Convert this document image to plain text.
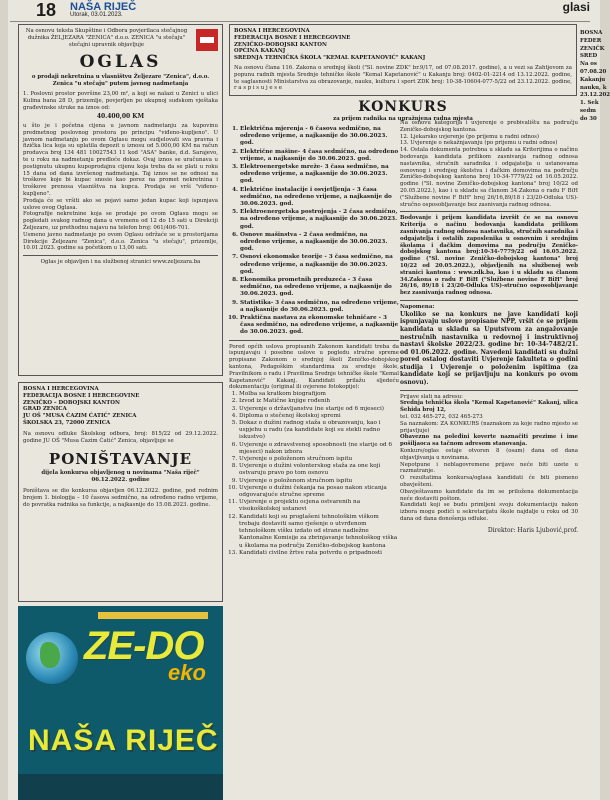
18 NAŠA RIJEČ
Utorak, 03.01.2023.
glasi

Na osnovu teksta Skupštine i Odbora povjerilaca stečajnog dužnika ŽELJEZARA "ZENICA" d.o.o. ZENICA "u stečaju" stečajni upravnik objavljuje

OGLAS

o prodaji nekretnina u vlasništvu Željezare "Zenica", d.o.o. Zenica "u stečaju" putem javnog nadmetanja

1. Poslovni prostor površine 23,00 m², a koji se nalazi u Zenici u ulici Kulina bana 28 D, prizemlje, povjerljen po ukupnoj sudskom vještaka građevinske struke na iznos od:

40.400,00 KM

u što je i početna cijena u javnom nadmetanju za kupovinu predmetnog poslovnog prostora po principu "viđeno-kupljeno". U javnom nadmetanju po ovom Oglasu mogu sudjelovati sva pravna i fizička lica koja su uplatila depozit u iznosu od 5.000,00 KM na račun prodavca broj 134 481 10027543 11 kod "ASA" banke, d.d. Sarajevo, te u roku na nadmetanju predloće dokaz. Ovaj iznos se uračunava u postignutu ukupnu kupoprodajnu cijenu koja treba da se plati u roku 15 dana od dana izvršenog nadmetanja. Taj iznos se ne odnosi na troškove koje bi kupac snosio kao porez na promet nekretnina i troškove prenosa vlasništva na kupca. Prodaja se vrši "viđeno-kupljeno".

Prodaja će se vršiti ako se pojavi samo jedan kupac koji ispunjava uslove ovog Oglasa.

Fotografije nekretnine koja se prodaje po ovom Oglasu mogu se pogledati svakog radnog dana u vremenu od 12 do 15 sati u Direkciji Željezare, uz prethodnu najavu na telefon broj: 061/406-701.

Usmeno javno nadmetanje po ovom Oglasu održaće se u prostorijama Direkcije Željezare "Zenica", d.o.o. Zenica "u stečaju", prizemlje, 10.01.2023. godine sa početkom u 13,00 sati.

Oglas je objavljen i na službenoj stranici www.zeljezara.ba

BOSNA I HERCEGOVINA

FEDERACIJA BOSNE I HERCEGOVINE

ZENIČKO – DOBOJSKI KANTON

GRAD ZENICA

JU OŠ "MUSA ĆAZIM ĆATIĆ" ZENICA

ŠKOLSKA 23, 72000 ZENICA

Na osnovu odluke Školskog odbora, broj: 815/22 od 29.12.2022. godine JU OŠ "Musa Ćazim Ćatić" Zenica, objavljuje se

PONIŠTAVANJE

dijela konkursa objavljenog u novinama "Naša riječ" 06.12.2022. godine

Poništava se dio konkursa objavljen 06.12.2022. godine, pod rednim brojem 1. biologija – 10 časova sedmično, na određeno radno vrijeme, do povratka radnika sa funkcije, a najkasnije do 15.08.2023. godine.

ZE-DO
eko
NAŠA RIJEČ

BOSNA I HERCEGOVINA

FEDERACIJA BOSNE I HERCEGOVINE

ZENIČKO-DOBOJSKI KANTON

OPĆINA KAKANJ

SREDNJA TEHNIČKA ŠKOLA "KEMAL KAPETANOVIĆ" KAKANJ

Na osnovu člana 116. Zakona o srednjoj školi ("Sl. novine ZDK" br.9/17, od 07.08.2017. godine), a u vezi sa Zahtjevom za popunu radnih mjesta Srednje tehničke škole "Kemal Kapetanović" u Kakanju broj: 0402-01-2214 od 13.12.2022. godine, te saglasnosti Ministarstva za obrazovanje, nauku, kulturu i sport ZDK broj: 10-38-10604-077-5/22 od 23.12.2022. godine, r a s p i s u j e s e

KONKURS

za prijem radnika na upražnjena radna mjesta

1. Električna mjerenja - 6 časova sedmično, na određeno vrijeme, a najkasnije do 30.06.2023. god.
2. Električne mašine- 4 časa sedmično, na određeno vrijeme, a najkasnije do 30.06.2023. god.
3. Elektroenergetske mreže- 3 časa sedmično, na određeno vrijeme, a najkasnije do 30.06.2023. god.
4. Električne instalacije i osvjetljenja - 3 časa sedmično, na određeno vrijeme, a najkasnije do 30.06.2023. god.
5. Elektroenergetska postrojenja - 2 časa sedmično, na određeno vrijeme, a najkasnije do 30.06.2023. god.
6. Osnove mašinstva - 2 časa sedmično, na određeno vrijeme, a najkasnije do 30.06.2023. god.
7. Osnovi ekonomske teorije - 3 časa sedmično, na određeno vrijeme, a najkasnije do 30.06.2023. god.
8. Ekonomika prometnih preduzeća - 3 časa sedmično, na određeno vrijeme, a najkasnije do 30.06.2023. god.
9. Statistika- 3 časa sedmično, na određeno vrijeme, a najkasnije do 30.06.2023. god.
10. Praktična nastava za ekonomske tehničare - 3 časa sedmično, na određeno vrijeme, a najkasnije do 30.06.2023. god.

Pored općih uslova propisanih Zakonom kandidati treba da ispunjavaju i posebne uslove u pogledu stručne spreme propisane Zakonom o srednjoj školi Zeničko-dobojskog kantona, Pedagoškim standardima za srednje škole, Pravilnikom o radu i Pravilima Srednje tehničke škole "Kemal Kapetanović" Kakanj. Kandidati prilažu sljedeću dokumentaciju (original ili ovjerene fotokopije):

1. Molba sa kratkom biografijom
2. Izvod iz Matične knjige rođenih
3. Uvjerenje o državljanstvu (ne starije od 6 mjeseci)
4. Diploma o stečenoj školskoj spremi
5. Dokaz o dužini radnog staža u obrazovanju, kao i uspjehu u radu (za kandidate koji su stekli radno iskustvo)
6. Uvjerenje o zdravstvenoj sposobnosti (ne starije od 6 mjeseci) nakon izbora
7. Uvjerenje o položenom stručnom ispitu
8. Uvjerenje o dužini volonterskog staža za one koji ostvaruju pravo po tom osnovu
9. Uvjerenje o položenom stručnom ispitu
10. Uvjerenje o dužini čekanja na posao nakon sticanja odgovarajuće stručne spreme
11. Uvjerenje o projektu ocjena ostvarenih na visokoškolskoj ustanovi
12. Kandidati koji su proglašeni tehnološkim viškom trebaju dostaviti samo rješenje o utvrđenom tehnološkom višku izdato od strane nadležne Kantonalne Komisije za zbrinjavanje tehnološkog viška u školama na području Zeničko-dobojskog kantona
13. Kandidati civilne žrtve rata potvrdu o pripadnosti

Na osnovu kategorija i uvjerenje o prebivalištu na području Zeničko-dobojskog kantona.

12. Ljekarsko uvjerenje (po prijemu u radni odnos)

13. Uvjerenje o nekažnjavanju (po prijemu u radni odnos)

14. Ostala dokumenta potrebna u skladu sa Kriterijima o načinu bodovanja kandidata prilikom zasnivanja radnog odnosa nastavnika, stručnih saradnika i odgajatelja u ustanovama osnovnog i srednjeg školstva i đačkim domovima na području Zeničko-dobojskog kantona broj 10-34-7779/22 od 16.05.2022. godine ("Sl. novine Zeničko-dobojskog kantona" broj 10/22 od 20.05.2022.), kao i u skladu sa članom 34.Zakona o radu F BiH ("Službene novine F BiH" broj 26/16,89/18 i 23/20-Odluka US)-stručno osposobljavanje bez zasnivanja radnog odnosa.

Bodovanje i prijem kandidata izvršit će se na osnovu Kriterija o načinu bodovanja kandidata prilikom zasnivanja radnog odnosa nastavnika, stručnih saradnika i odgajatelja i ostalih zaposlenika u osnovnim i srednjim školama i đačkim domovima na području Zeničko-dobojskog kantona broj:10-34-7779/22 od 16.05.2022. godine ("Sl. novine Zeničko-dobojskog kantona" broj 10/22 od 20.05.2022.), objavljenih na službenoj web stranici kantona : www.zdk.ba, kao i u skladu sa članom 34.Zakona o radu F BiH ("Službene novine F BiH" broj 26/16, 89/18 i 23/20-Odluka US)-stručno osposobljavanje bez zasnivanja radnog odnosa.

Napomena:

Ukoliko se na konkurs ne jave kandidati koji ispunjavaju uslove propisane NPP, vršit će se prijem kandidata u skladu sa Uputstvom za angažovanje nestručnih nastavnika u redovnoj i instruktivnoj nastavi školske 2022/23. godine br: 10-34-7482/21. od 01.06.2022. godine. Navedeni kandidati su dužni pored ostalog dostaviti Uvjerenje fakulteta o godini studija i Uvjerenje o položenim ispitima (za kandidate koji se prijavljuju na konkurs po ovom osnovu).

Prijave slati na adresu:

Srednja tehnička škola "Kemal Kapetanović" Kakanj, ulica Šehida broj 12,

tel. 032 465-272, 032 465-273

Sa naznakom: ZA KONKURS (naznakom za koje radno mjesto se prijavljuje)

Obavezno na poleđini koverte naznačiti prezime i ime pošiljaoca sa tačnom adresom stanovanja.

Konkurs/oglas ostaje otvoren 8 (osam) dana od dana objavljivanja u novinama.

Nepotpune i neblagovremene prijave neće biti uzete u razmatranje.

O rezultatima konkursa/oglasa kandidati će biti pismeno obavješteni.

Obavještavamo kandidate da im se priložena dokumentacija neće dostaviti poštom.

Kandidati koji se budu primljeni svoju dokumentaciju nakon izbora mogu podići u sekretarijatu škole najdalje u roku od 30 dana od dana donošenja odluke.

Direktor: Haris Ljubović,prof.

BOSNA

FEDER

ZENIČK

SRED

Na os

07.08.20

Kakanju

nauku, k

23.12.202

1. Sek

sedm

do 30
